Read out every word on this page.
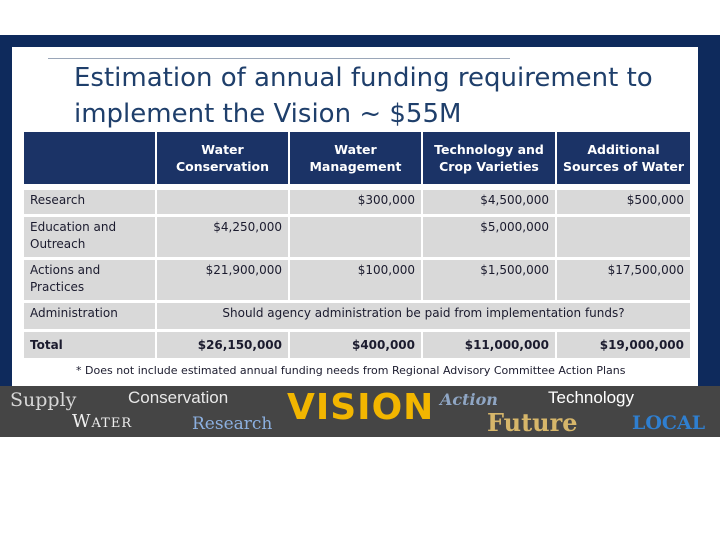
Estimation of annual funding requirement to implement the Vision ~ $55M
	Water Conservation	Water Management	Technology and Crop Varieties	Additional Sources of Water
Research		$300,000	$4,500,000	$500,000
Education and Outreach	$4,250,000		$5,000,000	
Actions and Practices	$21,900,000	$100,000	$1,500,000	$17,500,000
Administration	Should agency administration be paid from implementation funds?			
Total	$26,150,000	$400,000	$11,000,000	$19,000,000
* Does not include estimated annual funding needs from Regional Advisory Committee Action Plans
Supply	Conservation
Water	Research VISION Action	Technology
Future	LOCAL
